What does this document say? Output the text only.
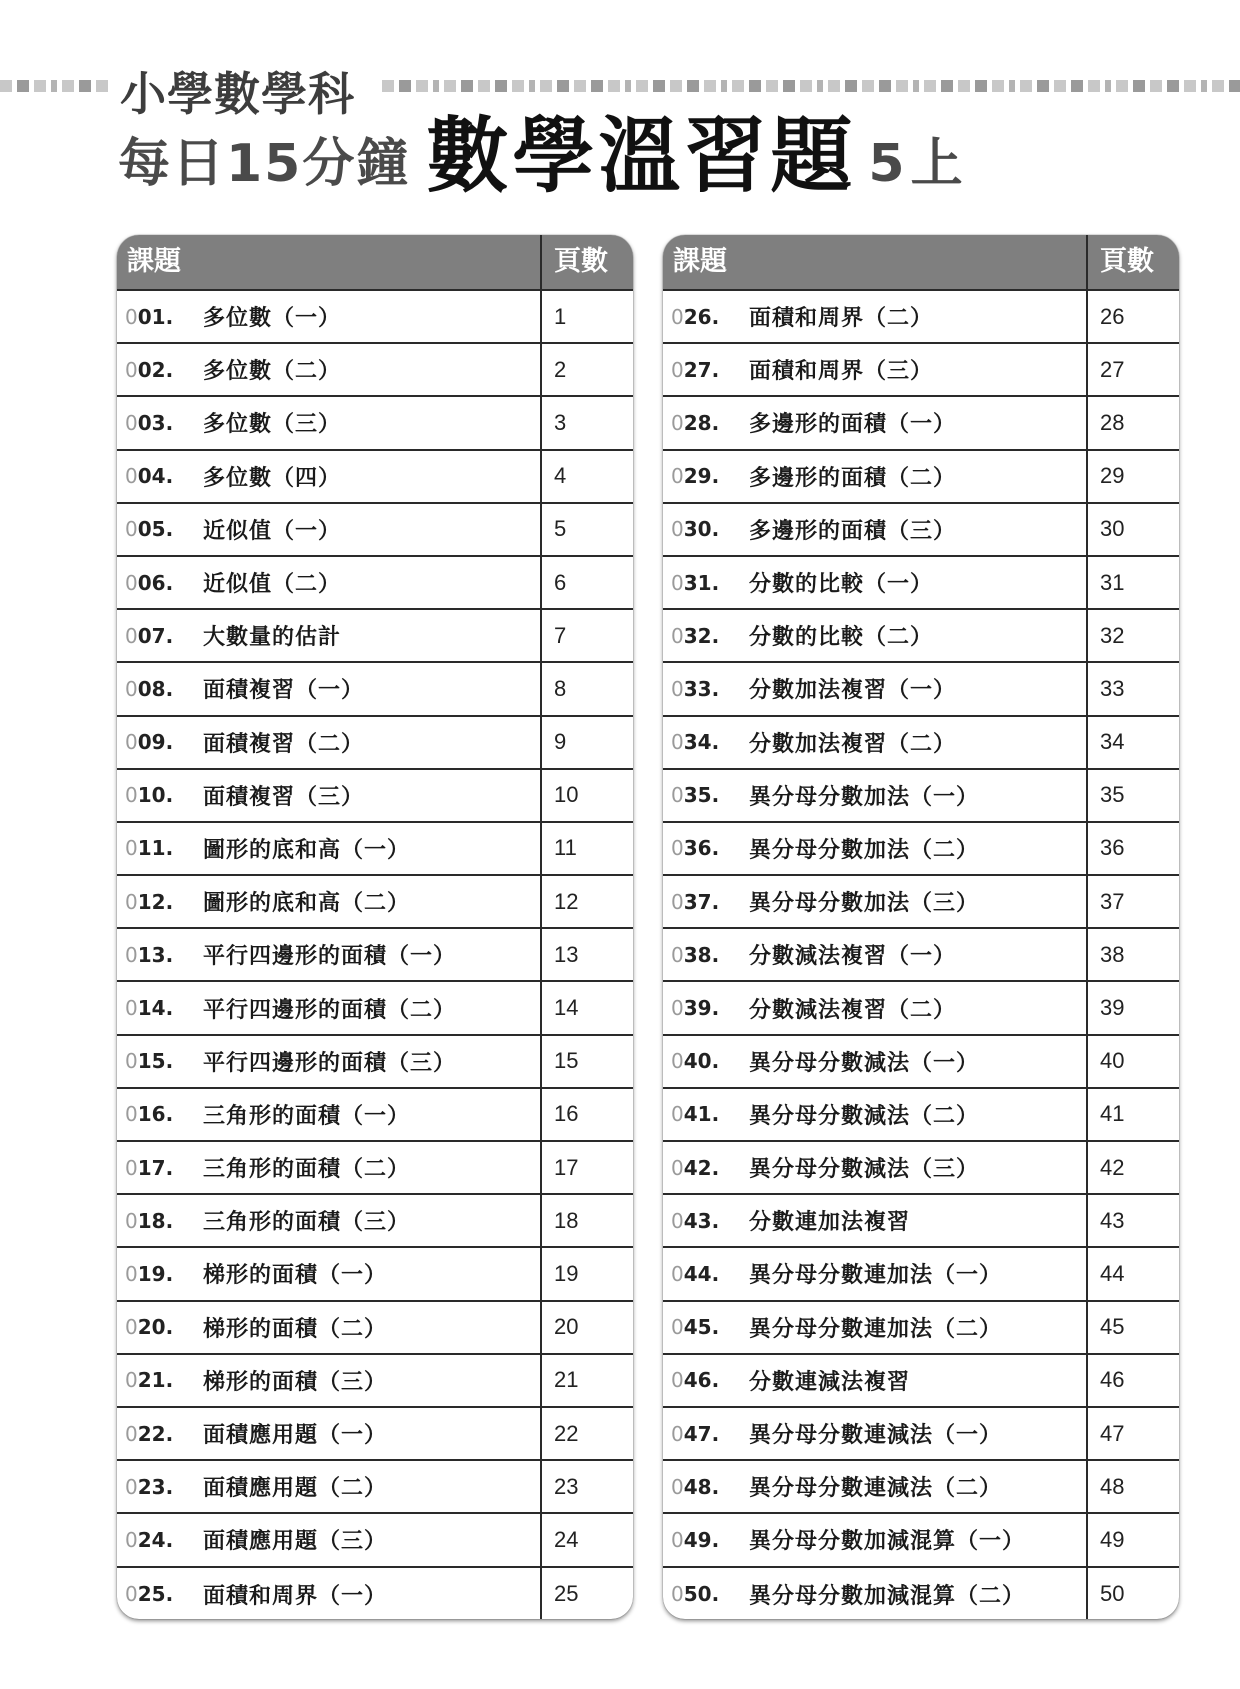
小學數學科
每日15分鐘 數學溫習題 5上
課題	頁數
001.	多位數（一）	1
002.	多位數（二）	2
003.	多位數（三）	3
004.	多位數（四）	4
005.	近似值（一）	5
006.	近似值（二）	6
007.	大數量的估計	7
008.	面積複習（一）	8
009.	面積複習（二）	9
010.	面積複習（三）	10
011.	圖形的底和高（一）	11
012.	圖形的底和高（二）	12
013.	平行四邊形的面積（一）	13
014.	平行四邊形的面積（二）	14
015.	平行四邊形的面積（三）	15
016.	三角形的面積（一）	16
017.	三角形的面積（二）	17
018.	三角形的面積（三）	18
019.	梯形的面積（一）	19
020.	梯形的面積（二）	20
021.	梯形的面積（三）	21
022.	面積應用題（一）	22
023.	面積應用題（二）	23
024.	面積應用題（三）	24
025.	面積和周界（一）	25
課題	頁數
026.	面積和周界（二）	26
027.	面積和周界（三）	27
028.	多邊形的面積（一）	28
029.	多邊形的面積（二）	29
030.	多邊形的面積（三）	30
031.	分數的比較（一）	31
032.	分數的比較（二）	32
033.	分數加法複習（一）	33
034.	分數加法複習（二）	34
035.	異分母分數加法（一）	35
036.	異分母分數加法（二）	36
037.	異分母分數加法（三）	37
038.	分數減法複習（一）	38
039.	分數減法複習（二）	39
040.	異分母分數減法（一）	40
041.	異分母分數減法（二）	41
042.	異分母分數減法（三）	42
043.	分數連加法複習	43
044.	異分母分數連加法（一）	44
045.	異分母分數連加法（二）	45
046.	分數連減法複習	46
047.	異分母分數連減法（一）	47
048.	異分母分數連減法（二）	48
049.	異分母分數加減混算（一）	49
050.	異分母分數加減混算（二）	50
